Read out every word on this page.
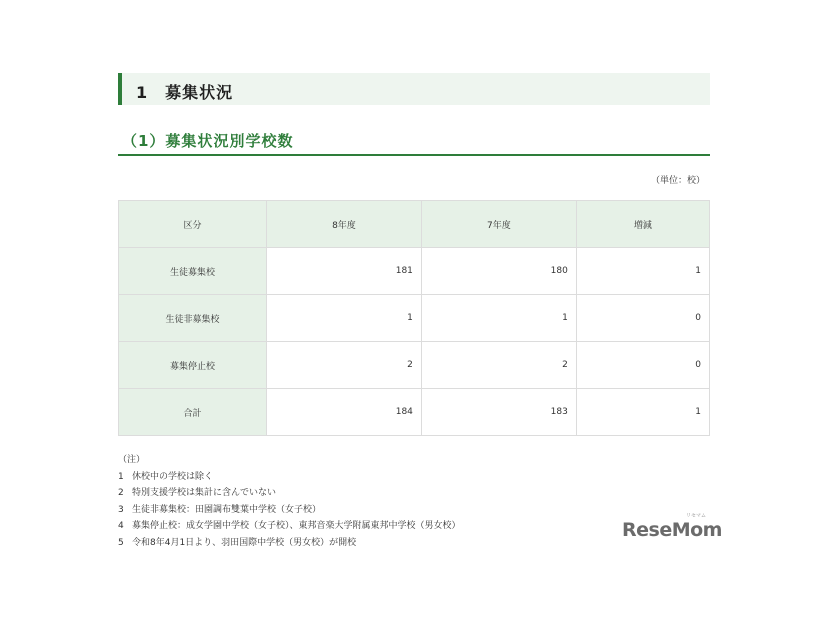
1　募集状況
（1）募集状況別学校数
（単位：校）
区分	8年度	7年度	増減
生徒募集校	181	180	1
生徒非募集校	1	1	0
募集停止校	2	2	0
合計	184	183	1
（注）
1 休校中の学校は除く
2 特別支援学校は集計に含んでいない
3 生徒非募集校：田園調布雙葉中学校（女子校）
4 募集停止校：成女学園中学校（女子校）、東邦音楽大学附属東邦中学校（男女校）
5 令和8年4月1日より、羽田国際中学校（男女校）が開校
リセマム
ReseMom
